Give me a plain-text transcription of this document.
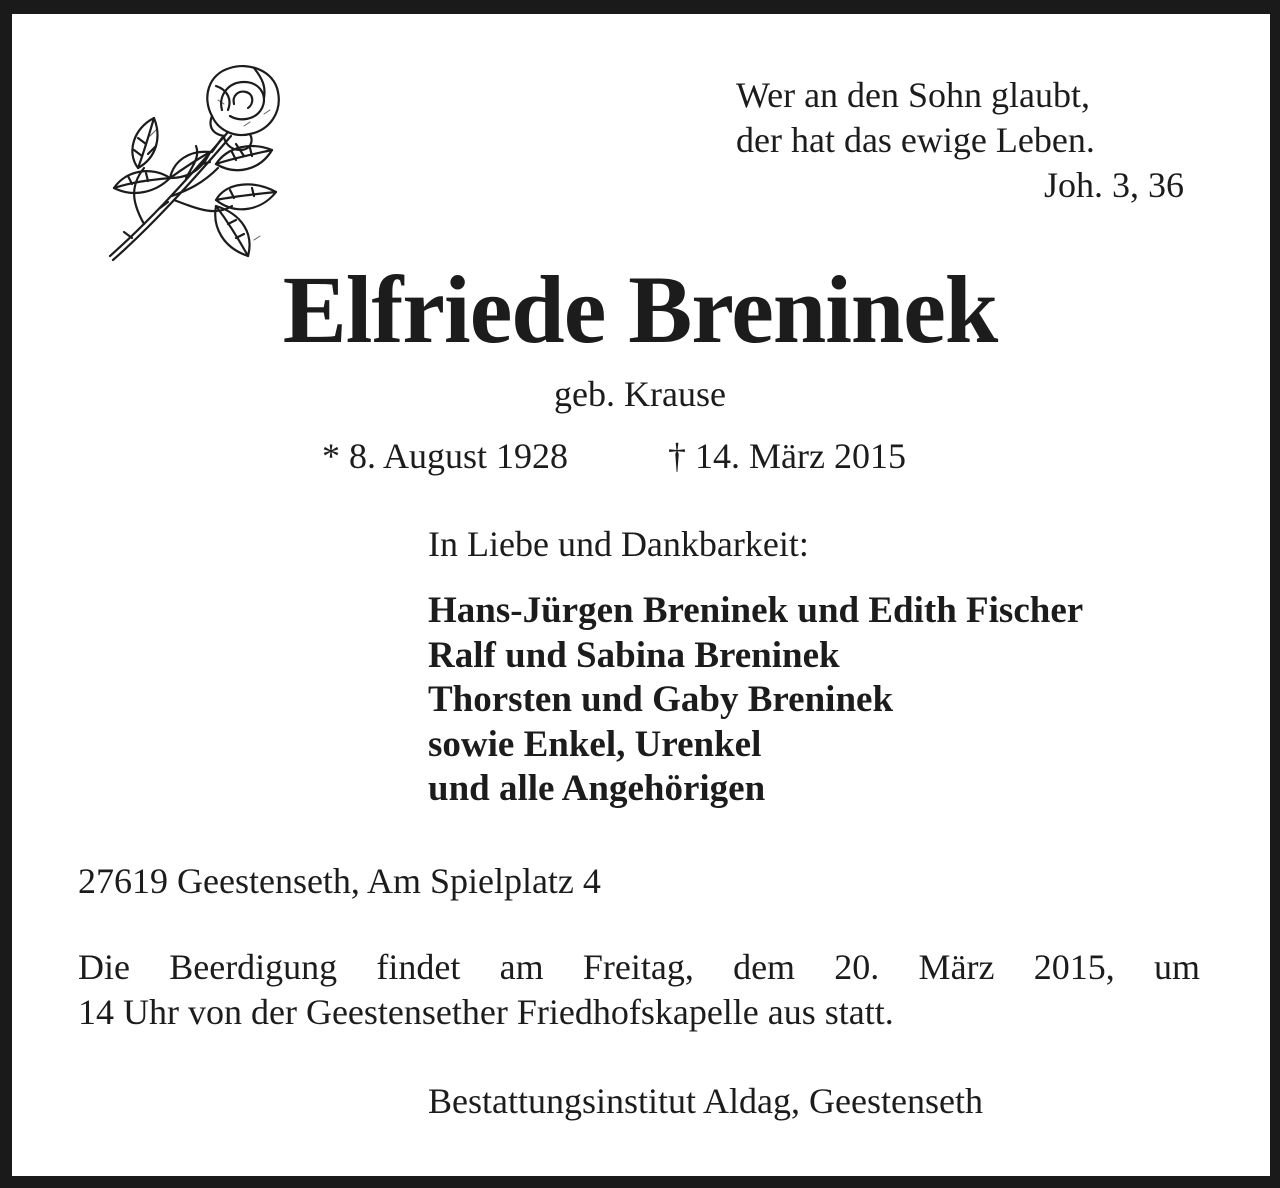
Wer an den Sohn glaubt,
der hat das ewige Leben.
Joh. 3, 36
Elfriede Breninek
geb. Krause
* 8. August 1928	† 14. März 2015
In Liebe und Dankbarkeit:
Hans-Jürgen Breninek und Edith Fischer
Ralf und Sabina Breninek
Thorsten und Gaby Breninek
sowie Enkel, Urenkel
und alle Angehörigen
27619 Geestenseth, Am Spielplatz 4
Die Beerdigung findet am Freitag, dem 20. März 2015, um
14 Uhr von der Geestensether Friedhofskapelle aus statt.
Bestattungsinstitut Aldag, Geestenseth
